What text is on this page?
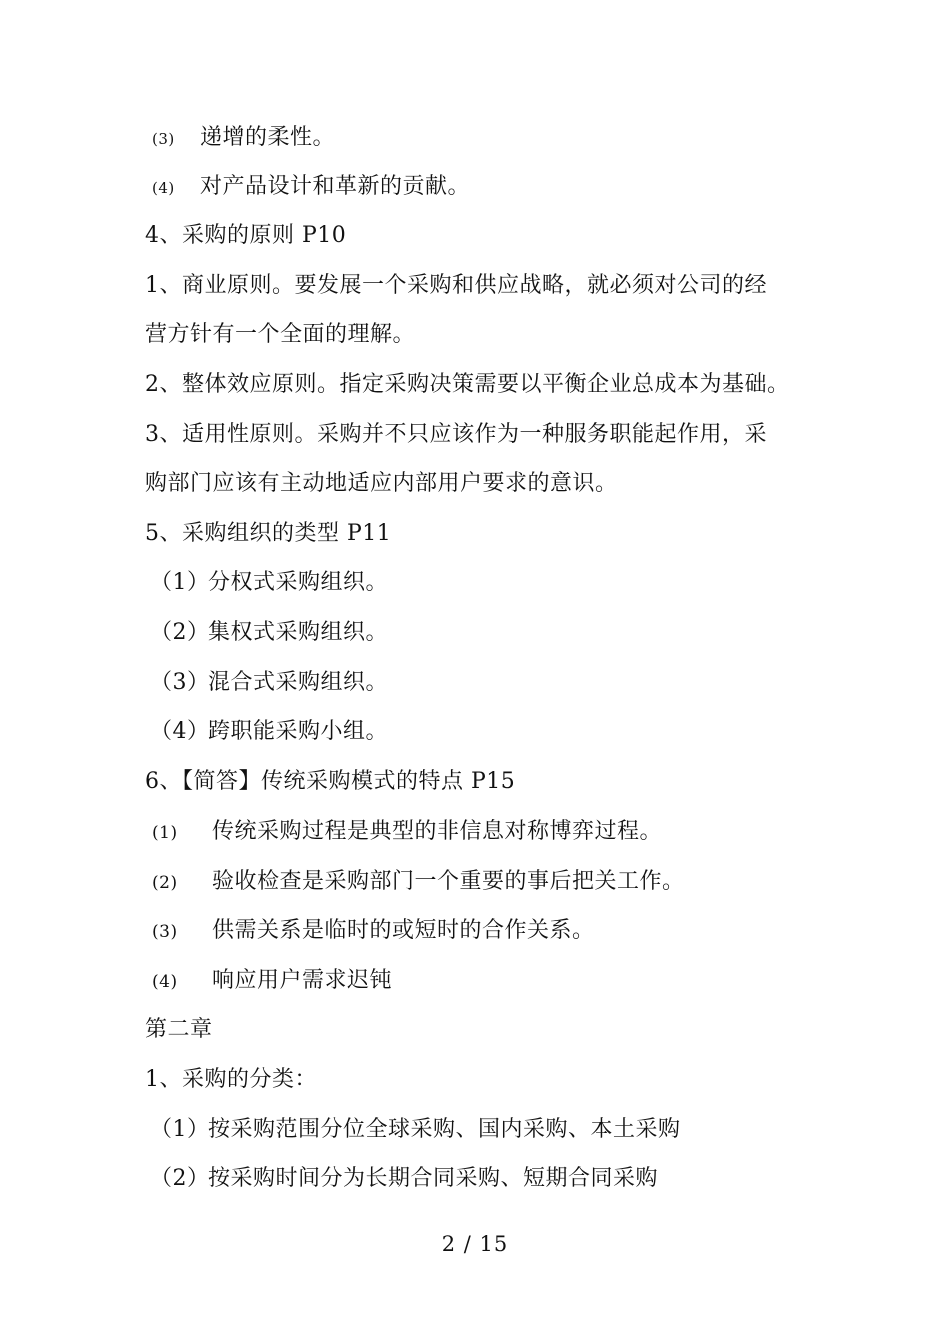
(3) 递增的柔性。
(4) 对产品设计和革新的贡献。
4、采购的原则 P10
1、商业原则。要发展一个采购和供应战略，就必须对公司的经
营方针有一个全面的理解。
2、整体效应原则。指定采购决策需要以平衡企业总成本为基础。
3、适用性原则。采购并不只应该作为一种服务职能起作用，采
购部门应该有主动地适应内部用户要求的意识。
5、采购组织的类型 P11
（1）分权式采购组织。
（2）集权式采购组织。
（3）混合式采购组织。
（4）跨职能采购小组。
6、【简答】传统采购模式的特点 P15
(1) 传统采购过程是典型的非信息对称博弈过程。
(2) 验收检查是采购部门一个重要的事后把关工作。
(3) 供需关系是临时的或短时的合作关系。
(4) 响应用户需求迟钝
第二章
1、采购的分类：
（1）按采购范围分位全球采购、国内采购、本土采购
（2）按采购时间分为长期合同采购、短期合同采购
2 / 15
